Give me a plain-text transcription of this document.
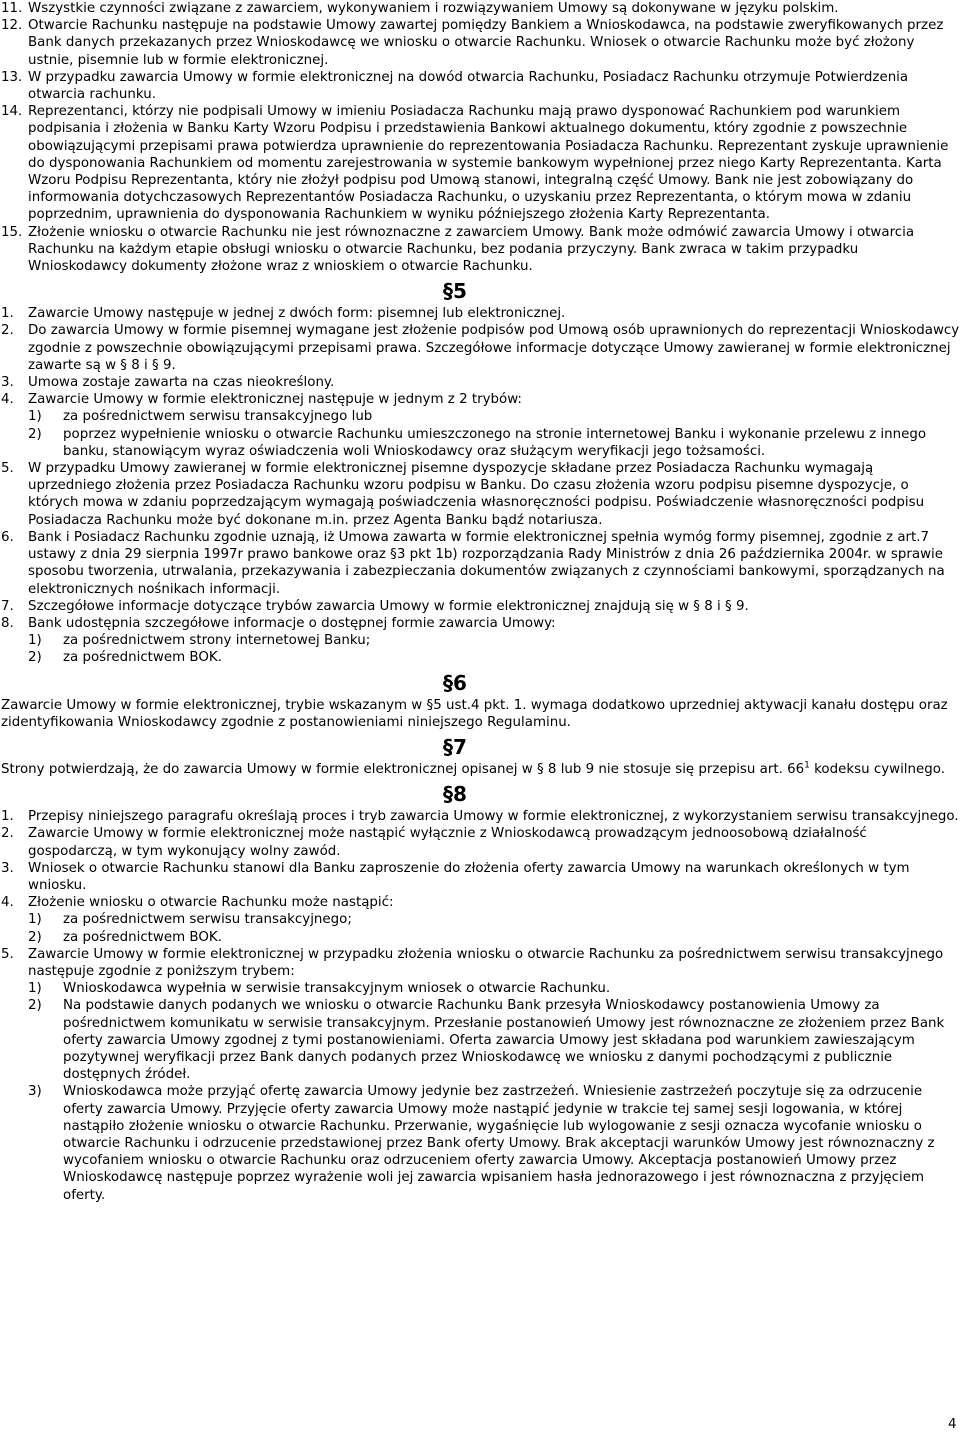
11. Wszystkie czynności związane z zawarciem, wykonywaniem i rozwiązywaniem Umowy są dokonywane w języku polskim.
12. Otwarcie Rachunku następuje na podstawie Umowy zawartej pomiędzy Bankiem a Wnioskodawca, na podstawie zweryfikowanych przez Bank danych przekazanych przez Wnioskodawcę we wniosku o otwarcie Rachunku. Wniosek o otwarcie Rachunku może być złożony ustnie, pisemnie lub w formie elektronicznej.
13. W przypadku zawarcia Umowy w formie elektronicznej na dowód otwarcia Rachunku, Posiadacz Rachunku otrzymuje Potwierdzenia otwarcia rachunku.
14. Reprezentanci, którzy nie podpisali Umowy w imieniu Posiadacza Rachunku mają prawo dysponować Rachunkiem pod warunkiem podpisania i złożenia w Banku Karty Wzoru Podpisu i przedstawienia Bankowi aktualnego dokumentu, który zgodnie z powszechnie obowiązującymi przepisami prawa potwierdza uprawnienie do reprezentowania Posiadacza Rachunku. Reprezentant zyskuje uprawnienie do dysponowania Rachunkiem od momentu zarejestrowania w systemie bankowym wypełnionej przez niego Karty Reprezentanta. Karta Wzoru Podpisu Reprezentanta, który nie złożył podpisu pod Umową stanowi, integralną część Umowy. Bank nie jest zobowiązany do informowania dotychczasowych Reprezentantów Posiadacza Rachunku, o uzyskaniu przez Reprezentanta, o którym mowa w zdaniu poprzednim, uprawnienia do dysponowania Rachunkiem w wyniku późniejszego złożenia Karty Reprezentanta.
15. Złożenie wniosku o otwarcie Rachunku nie jest równoznaczne z zawarciem Umowy. Bank może odmówić zawarcia Umowy i otwarcia Rachunku na każdym etapie obsługi wniosku o otwarcie Rachunku, bez podania przyczyny. Bank zwraca w takim przypadku Wnioskodawcy dokumenty złożone wraz z wnioskiem o otwarcie Rachunku.
§5
1. Zawarcie Umowy następuje w jednej z dwóch form: pisemnej lub elektronicznej.
2. Do zawarcia Umowy w formie pisemnej wymagane jest złożenie podpisów pod Umową osób uprawnionych do reprezentacji Wnioskodawcy zgodnie z powszechnie obowiązującymi przepisami prawa. Szczegółowe informacje dotyczące Umowy zawieranej w formie elektronicznej zawarte są w § 8 i § 9.
3. Umowa zostaje zawarta na czas nieokreślony.
4. Zawarcie Umowy w formie elektronicznej następuje w jednym z 2 trybów:
1) za pośrednictwem serwisu transakcyjnego lub
2) poprzez wypełnienie wniosku o otwarcie Rachunku umieszczonego na stronie internetowej Banku i wykonanie przelewu z innego banku, stanowiącym wyraz oświadczenia woli Wnioskodawcy oraz służącym weryfikacji jego tożsamości.
5. W przypadku Umowy zawieranej w formie elektronicznej pisemne dyspozycje składane przez Posiadacza Rachunku wymagają uprzedniego złożenia przez Posiadacza Rachunku wzoru podpisu w Banku. Do czasu złożenia wzoru podpisu pisemne dyspozycje, o których mowa w zdaniu poprzedzającym wymagają poświadczenia własnoręczności podpisu. Poświadczenie własnoręczności podpisu Posiadacza Rachunku może być dokonane m.in. przez Agenta Banku bądź notariusza.
6. Bank i Posiadacz Rachunku zgodnie uznają, iż Umowa zawarta w formie elektronicznej spełnia wymóg formy pisemnej, zgodnie z art.7 ustawy z dnia 29 sierpnia 1997r prawo bankowe oraz §3 pkt 1b) rozporządzania Rady Ministrów z dnia 26 października 2004r. w sprawie sposobu tworzenia, utrwalania, przekazywania i zabezpieczania dokumentów związanych z czynnościami bankowymi, sporządzanych na elektronicznych nośnikach informacji.
7. Szczegółowe informacje dotyczące trybów zawarcia Umowy w formie elektronicznej znajdują się w § 8 i § 9.
8. Bank udostępnia szczegółowe informacje o dostępnej formie zawarcia Umowy:
1) za pośrednictwem strony internetowej Banku;
2) za pośrednictwem BOK.
§6
Zawarcie Umowy w formie elektronicznej, trybie wskazanym w §5 ust.4 pkt. 1. wymaga dodatkowo uprzedniej aktywacji kanału dostępu oraz zidentyfikowania Wnioskodawcy zgodnie z postanowieniami niniejszego Regulaminu.
§7
Strony potwierdzają, że do zawarcia Umowy w formie elektronicznej opisanej w § 8 lub 9 nie stosuje się przepisu art. $66^1$ kodeksu cywilnego.
§8
1. Przepisy niniejszego paragrafu określają proces i tryb zawarcia Umowy w formie elektronicznej, z wykorzystaniem serwisu transakcyjnego.
2. Zawarcie Umowy w formie elektronicznej może nastąpić wyłącznie z Wnioskodawcą prowadzącym jednoosobową działalność gospodarczą, w tym wykonujący wolny zawód.
3. Wniosek o otwarcie Rachunku stanowi dla Banku zaproszenie do złożenia oferty zawarcia Umowy na warunkach określonych w tym wniosku.
4. Złożenie wniosku o otwarcie Rachunku może nastąpić:
1) za pośrednictwem serwisu transakcyjnego;
2) za pośrednictwem BOK.
5. Zawarcie Umowy w formie elektronicznej w przypadku złożenia wniosku o otwarcie Rachunku za pośrednictwem serwisu transakcyjnego następuje zgodnie z poniższym trybem:
1) Wnioskodawca wypełnia w serwisie transakcyjnym wniosek o otwarcie Rachunku.
2) Na podstawie danych podanych we wniosku o otwarcie Rachunku Bank przesyła Wnioskodawcy postanowienia Umowy za pośrednictwem komunikatu w serwisie transakcyjnym. Przesłanie postanowień Umowy jest równoznaczne ze złożeniem przez Bank oferty zawarcia Umowy zgodnej z tymi postanowieniami. Oferta zawarcia Umowy jest składana pod warunkiem zawieszającym pozytywnej weryfikacji przez Bank danych podanych przez Wnioskodawcę we wniosku z danymi pochodzącymi z publicznie dostępnych źródeł.
3) Wnioskodawca może przyjąć ofertę zawarcia Umowy jedynie bez zastrzeżeń. Wniesienie zastrzeżeń poczytuje się za odrzucenie oferty zawarcia Umowy. Przyjęcie oferty zawarcia Umowy może nastąpić jedynie w trakcie tej samej sesji logowania, w której nastąpiło złożenie wniosku o otwarcie Rachunku. Przerwanie, wygaśnięcie lub wylogowanie z sesji oznacza wycofanie wniosku o otwarcie Rachunku i odrzucenie przedstawionej przez Bank oferty Umowy. Brak akceptacji warunków Umowy jest równoznaczny z wycofaniem wniosku o otwarcie Rachunku oraz odrzuceniem oferty zawarcia Umowy. Akceptacja postanowień Umowy przez Wnioskodawcę następuje poprzez wyrażenie woli jej zawarcia wpisaniem hasła jednorazowego i jest równoznaczna z przyjęciem oferty.
4
